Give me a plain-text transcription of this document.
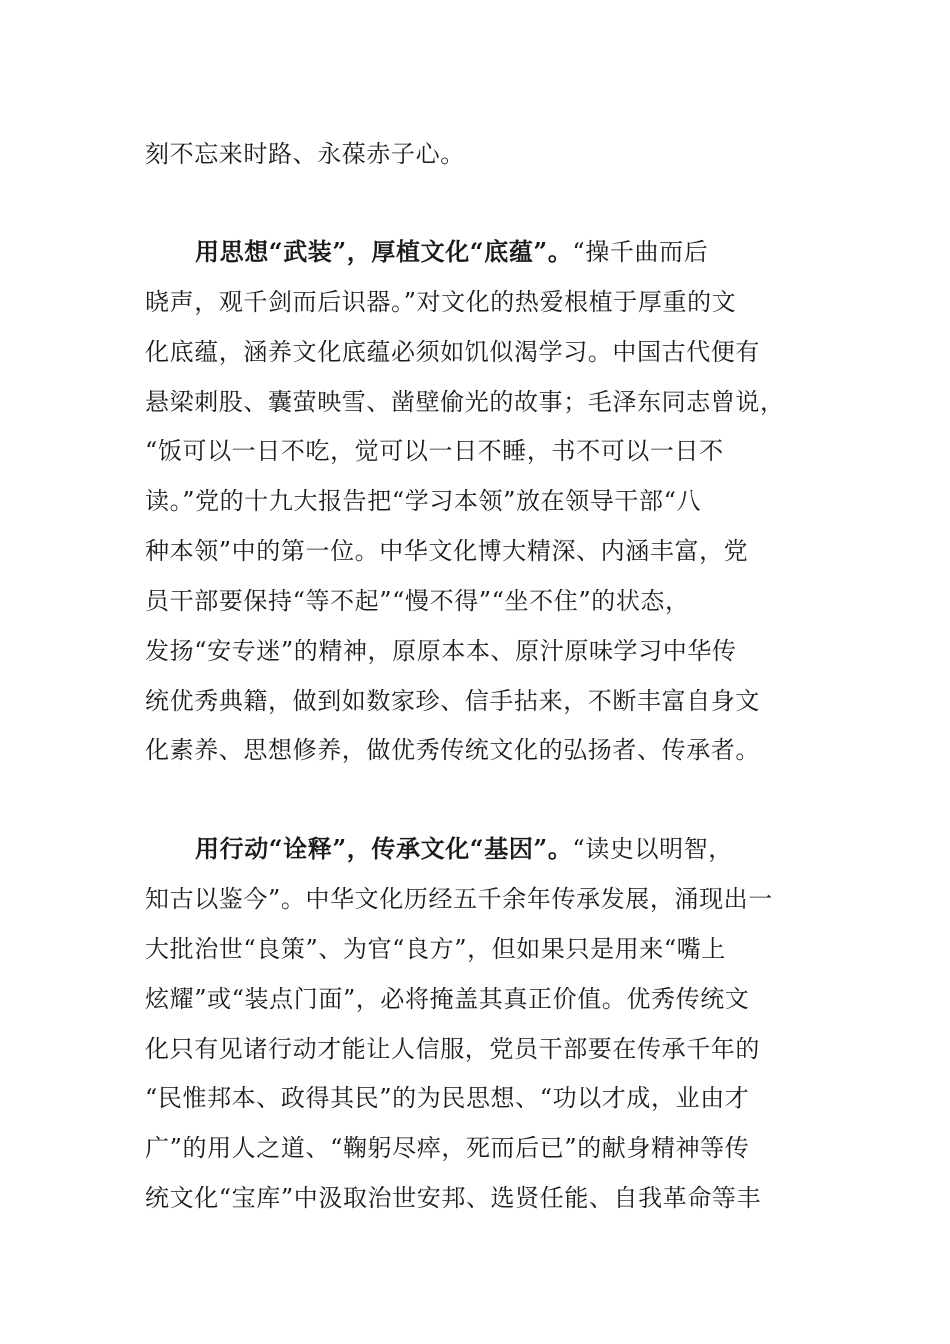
刻不忘来时路、永葆赤子心。
用思想“武装”，厚植文化“底蕴”。“操千曲而后
晓声，观千剑而后识器。”对文化的热爱根植于厚重的文
化底蕴，涵养文化底蕴必须如饥似渴学习。中国古代便有
悬梁刺股、囊萤映雪、凿壁偷光的故事；毛泽东同志曾说，
“饭可以一日不吃，觉可以一日不睡，书不可以一日不
读。”党的十九大报告把“学习本领”放在领导干部“八
种本领”中的第一位。中华文化博大精深、内涵丰富，党
员干部要保持“等不起”“慢不得”“坐不住”的状态，
发扬“安专迷”的精神，原原本本、原汁原味学习中华传
统优秀典籍，做到如数家珍、信手拈来，不断丰富自身文
化素养、思想修养，做优秀传统文化的弘扬者、传承者。
用行动“诠释”，传承文化“基因”。“读史以明智，
知古以鉴今”。中华文化历经五千余年传承发展，涌现出一
大批治世“良策”、为官“良方”，但如果只是用来“嘴上
炫耀”或“装点门面”，必将掩盖其真正价值。优秀传统文
化只有见诸行动才能让人信服，党员干部要在传承千年的
“民惟邦本、政得其民”的为民思想、“功以才成，业由才
广”的用人之道、“鞠躬尽瘁，死而后已”的献身精神等传
统文化“宝库”中汲取治世安邦、选贤任能、自我革命等丰
